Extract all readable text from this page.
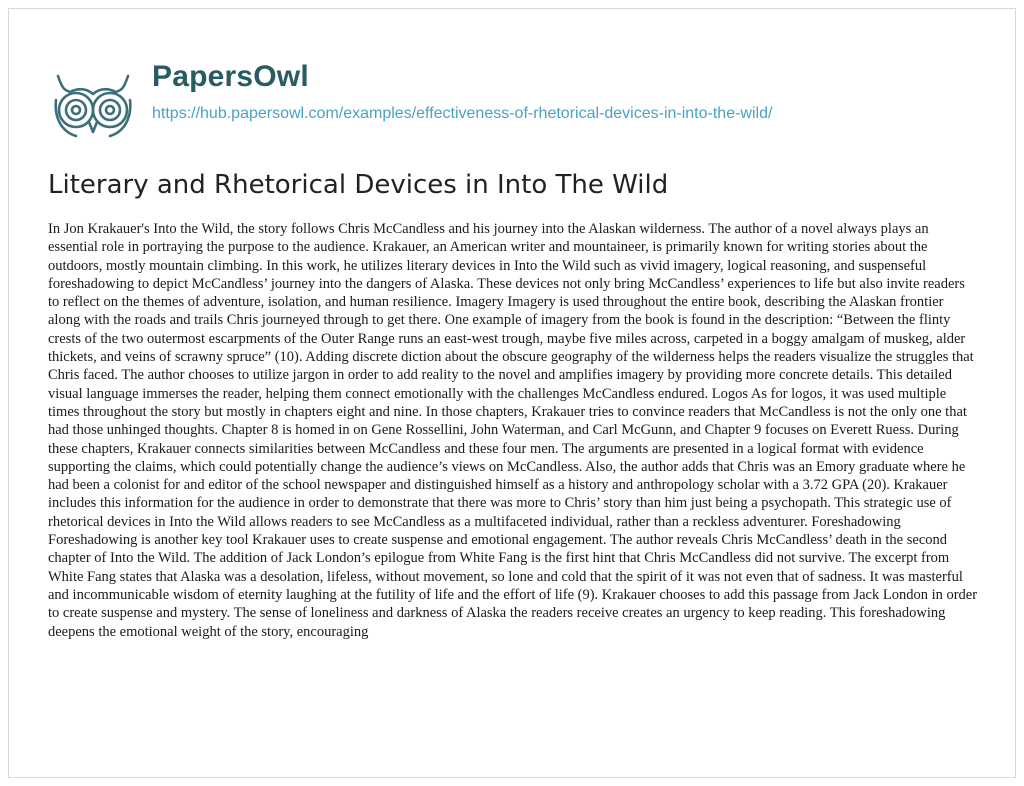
PapersOwl
https://hub.papersowl.com/examples/effectiveness-of-rhetorical-devices-in-into-the-wild/
Literary and Rhetorical Devices in Into The Wild

In Jon Krakauer's Into the Wild, the story follows Chris McCandless and his journey into the Alaskan wilderness. The author of a novel always plays an essential role in portraying the purpose to the audience. Krakauer, an American writer and mountaineer, is primarily known for writing stories about the outdoors, mostly mountain climbing. In this work, he utilizes literary devices in Into the Wild such as vivid imagery, logical reasoning, and suspenseful foreshadowing to depict McCandless’ journey into the dangers of Alaska. These devices not only bring McCandless’ experiences to life but also invite readers to reflect on the themes of adventure, isolation, and human resilience. Imagery Imagery is used throughout the entire book, describing the Alaskan frontier along with the roads and trails Chris journeyed through to get there. One example of imagery from the book is found in the description: “Between the flinty crests of the two outermost escarpments of the Outer Range runs an east-west trough, maybe five miles across, carpeted in a boggy amalgam of muskeg, alder thickets, and veins of scrawny spruce” (10). Adding discrete diction about the obscure geography of the wilderness helps the readers visualize the struggles that Chris faced. The author chooses to utilize jargon in order to add reality to the novel and amplifies imagery by providing more concrete details. This detailed visual language immerses the reader, helping them connect emotionally with the challenges McCandless endured. Logos As for logos, it was used multiple times throughout the story but mostly in chapters eight and nine. In those chapters, Krakauer tries to convince readers that McCandless is not the only one that had those unhinged thoughts. Chapter 8 is homed in on Gene Rossellini, John Waterman, and Carl McGunn, and Chapter 9 focuses on Everett Ruess. During these chapters, Krakauer connects similarities between McCandless and these four men. The arguments are presented in a logical format with evidence supporting the claims, which could potentially change the audience’s views on McCandless. Also, the author adds that Chris was an Emory graduate where he had been a colonist for and editor of the school newspaper and distinguished himself as a history and anthropology scholar with a 3.72 GPA (20). Krakauer includes this information for the audience in order to demonstrate that there was more to Chris’ story than him just being a psychopath. This strategic use of rhetorical devices in Into the Wild allows readers to see McCandless as a multifaceted individual, rather than a reckless adventurer. Foreshadowing Foreshadowing is another key tool Krakauer uses to create suspense and emotional engagement. The author reveals Chris McCandless’ death in the second chapter of Into the Wild. The addition of Jack London’s epilogue from White Fang is the first hint that Chris McCandless did not survive. The excerpt from White Fang states that Alaska was a desolation, lifeless, without movement, so lone and cold that the spirit of it was not even that of sadness. It was masterful and incommunicable wisdom of eternity laughing at the futility of life and the effort of life (9). Krakauer chooses to add this passage from Jack London in order to create suspense and mystery. The sense of loneliness and darkness of Alaska the readers receive creates an urgency to keep reading. This foreshadowing deepens the emotional weight of the story, encouraging
